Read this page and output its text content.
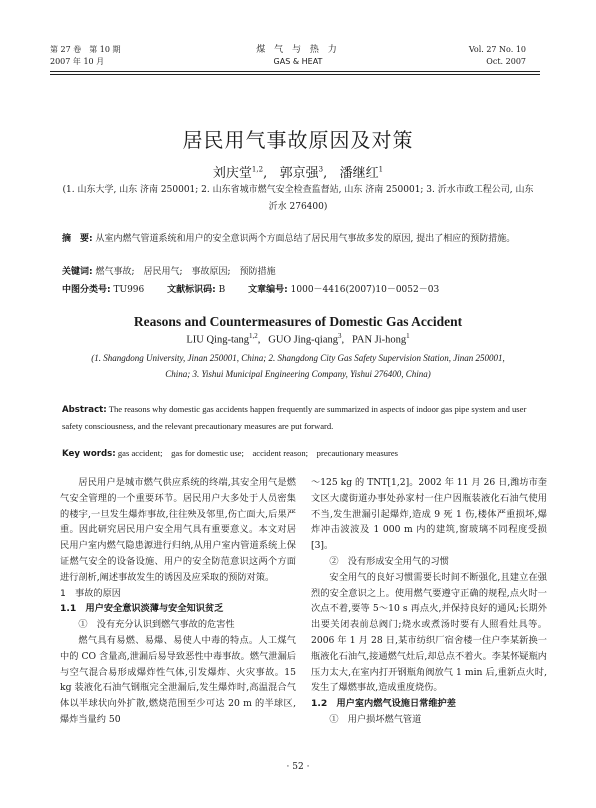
第 27 卷　第 10 期
2007 年 10 月
煤 气 与 热 力
GAS & HEAT
Vol. 27 No. 10
Oct. 2007
居民用气事故原因及对策
刘庆堂$^{1,2}$,   郭京强$^3$,   潘继红$^1$
(1. 山东大学, 山东 济南 250001; 2. 山东省城市燃气安全检查监督站, 山东 济南 250001; 3. 沂水市政工程公司, 山东 沂水 276400)
摘　要: 从室内燃气管道系统和用户的安全意识两个方面总结了居民用气事故多发的原因, 提出了相应的预防措施。
关键词: 燃气事故;　居民用气;　事故原因;　预防措施
中图分类号: TU996	文献标识码: B	文章编号: 1000－4416(2007)10－0052－03
Reasons and Countermeasures of Domestic Gas Accident
LIU Qing-tang$^{1,2}$,   GUO Jing-qiang$^3$,   PAN Ji-hong$^1$
(1. Shangdong University, Jinan 250001, China; 2. Shangdong City Gas Safety Supervision Station, Jinan 250001, China; 3. Yishui Municipal Engineering Company, Yishui 276400, China)
Abstract: The reasons why domestic gas accidents happen frequently are summarized in aspects of indoor gas pipe system and user safety consciousness, and the relevant precautionary measures are put forward.
Key words: gas accident;　gas for domestic use;　accident reason;　precautionary measures

居民用户是城市燃气供应系统的终端,其安全用气是燃气安全管理的一个重要环节。居民用户大多处于人员密集的楼宇,一旦发生爆炸事故,往往殃及邻里,伤亡面大,后果严重。因此研究居民用户安全用气具有重要意义。本文对居民用户室内燃气隐患源进行归纳,从用户室内管道系统上保证燃气安全的设备设施、用户的安全防范意识这两个方面进行剖析,阐述事故发生的诱因及应采取的预防对策。

1　事故的原因

1.1　用户安全意识淡薄与安全知识贫乏

①　没有充分认识到燃气事故的危害性

燃气具有易燃、易爆、易使人中毒的特点。人工煤气中的 CO 含量高,泄漏后易导致恶性中毒事故。燃气泄漏后与空气混合易形成爆炸性气体,引发爆炸、火灾事故。15 kg 装液化石油气钢瓶完全泄漏后,发生爆炸时,高温混合气体以半球状向外扩散,燃烧范围至少可达 20 m 的半球区,爆炸当量约 50

～125 kg 的 TNT[1,2]。2002 年 11 月 26 日,潍坊市奎文区大虞街道办事处孙家村一住户因瓶装液化石油气使用不当,发生泄漏引起爆炸,造成 9 死 1 伤,楼体严重损坏,爆炸冲击波波及 1 000 m 内的建筑,窗玻璃不同程度受损[3]。

②　没有形成安全用气的习惯

安全用气的良好习惯需要长时间不断强化,且建立在强烈的安全意识之上。使用燃气要遵守正确的规程,点火时一次点不着,要等 5～10 s 再点火,并保持良好的通风;长期外出要关闭表前总阀门;烧水或煮汤时要有人照看灶具等。2006 年 1 月 28 日,某市纺织厂宿舍楼一住户李某新换一瓶液化石油气,接通燃气灶后,却总点不着火。李某怀疑瓶内压力太大,在室内打开钢瓶角阀放气 1 min 后,重新点火时,发生了爆燃事故,造成重度烧伤。

1.2　用户室内燃气设施日常维护差

①　用户损坏燃气管道

· 52 ·
